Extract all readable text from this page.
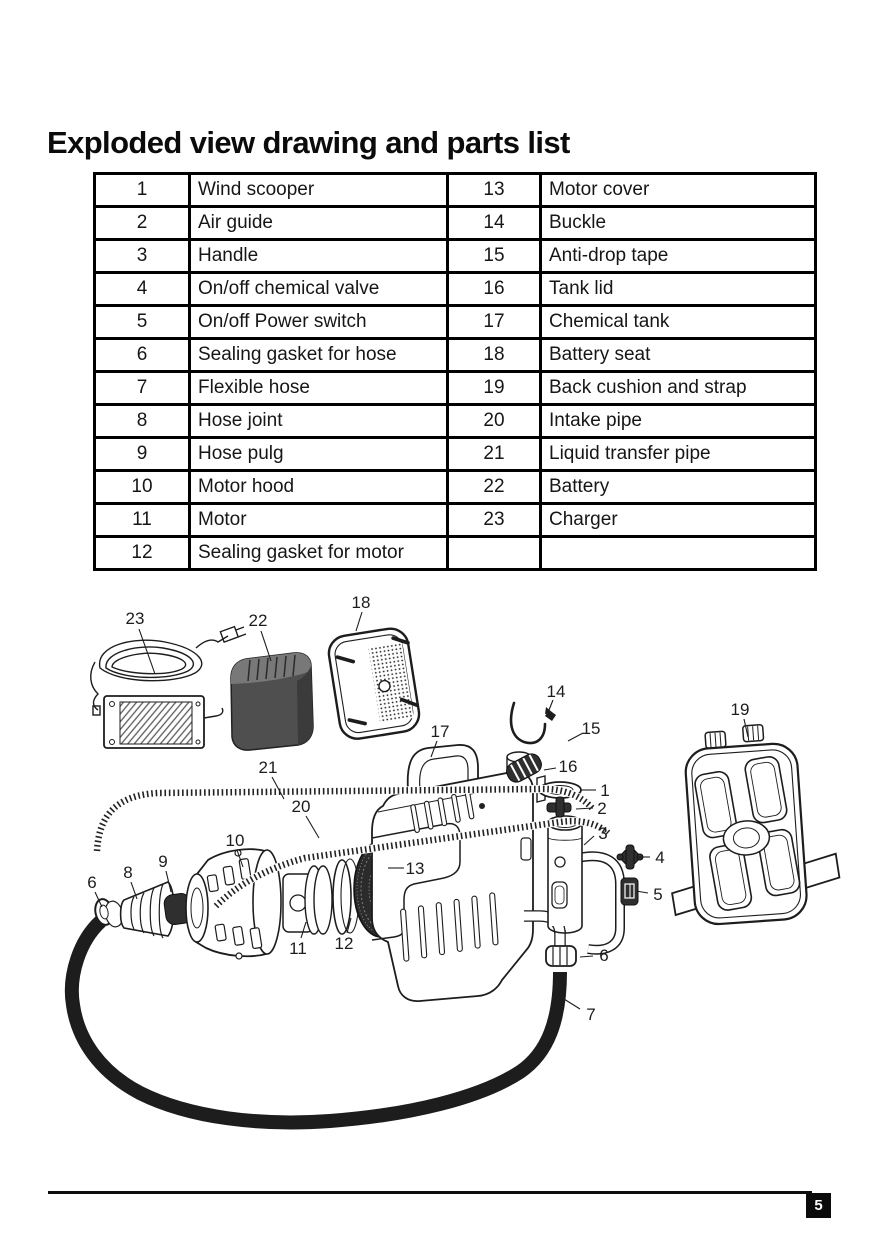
Exploded view drawing and parts list
1	Wind scooper	13	Motor cover
2	Air guide	14	Buckle
3	Handle	15	Anti-drop tape
4	On/off chemical valve	16	Tank lid
5	On/off Power switch	17	Chemical tank
6	Sealing gasket for hose	18	Battery seat
7	Flexible hose	19	Back cushion and strap
8	Hose joint	20	Intake pipe
9	Hose pulg	21	Liquid transfer pipe
10	Motor hood	22	Battery
11	Motor	23	Charger
12	Sealing gasket for motor		
23	22
18
17
21
20
14
15
16
1
2
3
4
5
19
10
9
8
6
13
11 12
6
7
5
